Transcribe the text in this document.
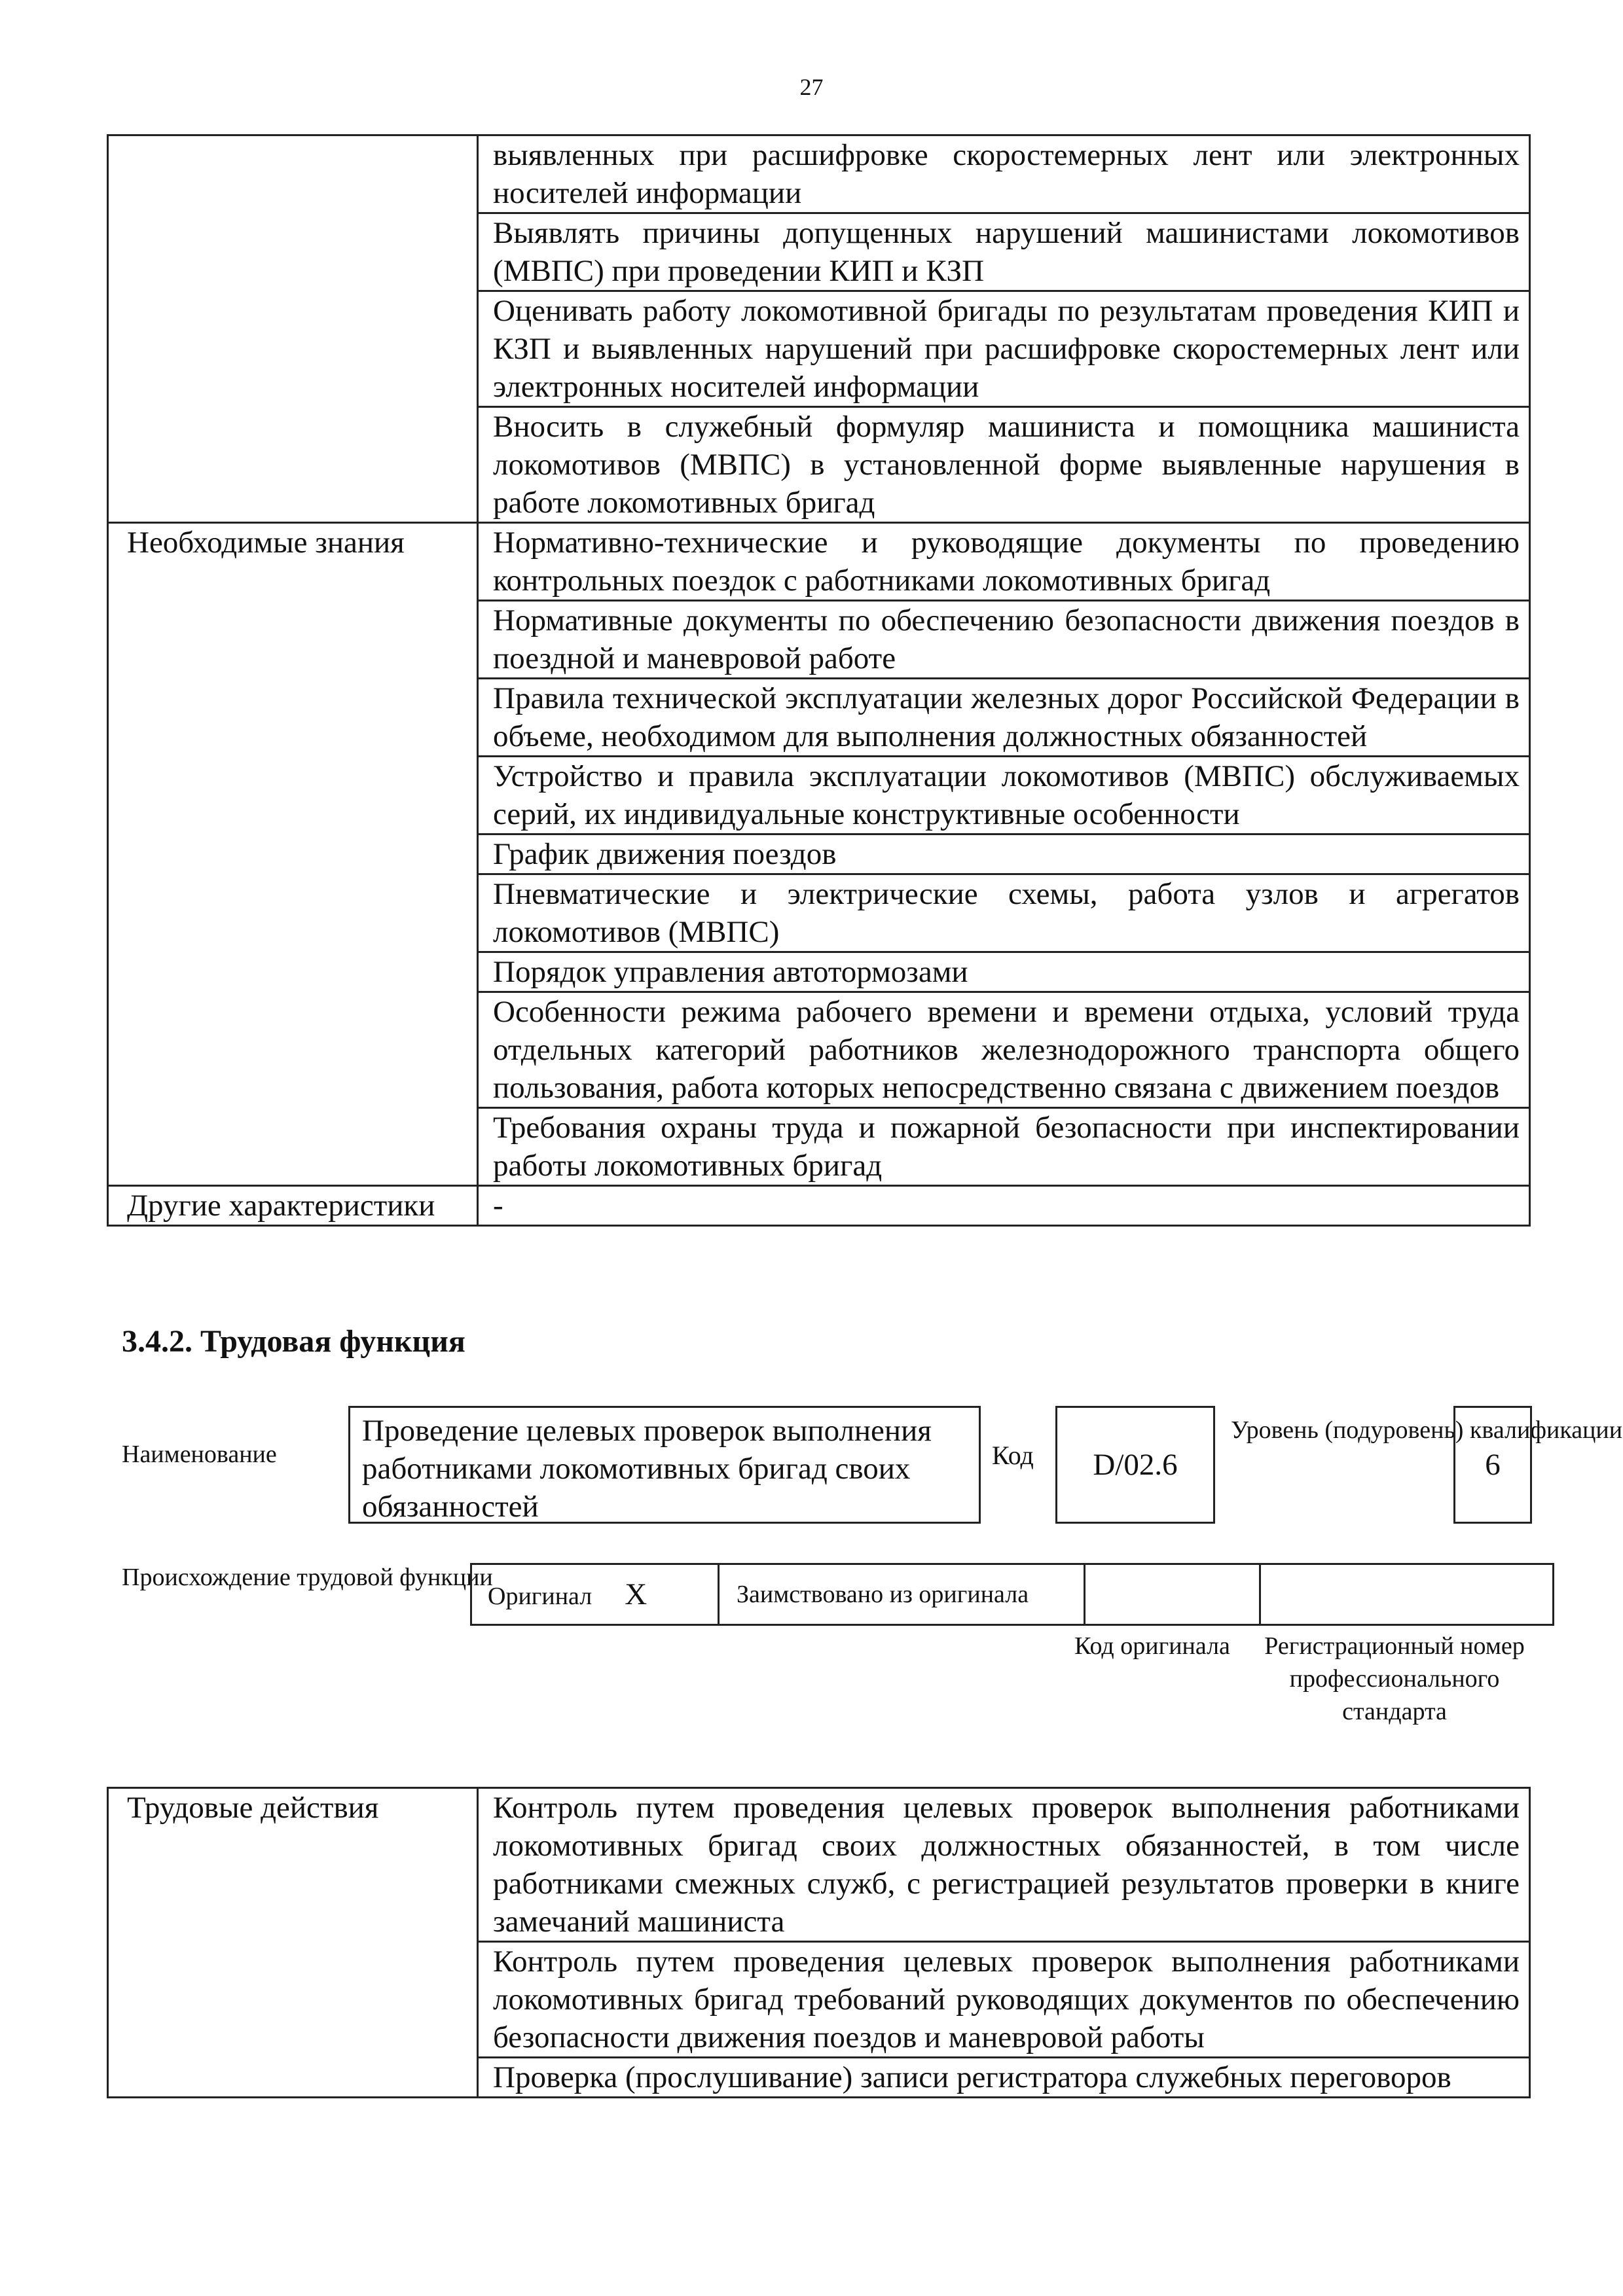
27
	выявленных при расшифровке скоростемерных лент или электронных носителей информации
	Выявлять причины допущенных нарушений машинистами локомотивов (МВПС) при проведении КИП и КЗП
	Оценивать работу локомотивной бригады по результатам проведения КИП и КЗП и выявленных нарушений при расшифровке скоростемерных лент или электронных носителей информации
	Вносить в служебный формуляр машиниста и помощника машиниста локомотивов (МВПС) в установленной форме выявленные нарушения в работе локомотивных бригад
Необходимые знания	Нормативно-технические и руководящие документы по проведению контрольных поездок с работниками локомотивных бригад
	Нормативные документы по обеспечению безопасности движения поездов в поездной и маневровой работе
	Правила технической эксплуатации железных дорог Российской Федерации в объеме, необходимом для выполнения должностных обязанностей
	Устройство и правила эксплуатации локомотивов (МВПС) обслуживаемых серий, их индивидуальные конструктивные особенности
	График движения поездов
	Пневматические и электрические схемы, работа узлов и агрегатов локомотивов (МВПС)
	Порядок управления автотормозами
	Особенности режима рабочего времени и времени отдыха, условий труда отдельных категорий работников железнодорожного транспорта общего пользования, работа которых непосредственно связана с движением поездов
	Требования охраны труда и пожарной безопасности при инспектировании работы локомотивных бригад
Другие характеристики	-
3.4.2. Трудовая функция
Наименование
Проведение целевых проверок выполнения работниками локомотивных бригад своих обязанностей
Код	D/02.6
Уровень (подуровень) квалификации
6
Происхождение трудовой функции
Оригинал X	Заимствовано из оригинала		
Код оригинала	Регистрационный номер профессионального стандарта
Трудовые действия	Контроль путем проведения целевых проверок выполнения работниками локомотивных бригад своих должностных обязанностей, в том числе работниками смежных служб, с регистрацией результатов проверки в книге замечаний машиниста
Контроль путем проведения целевых проверок выполнения работниками локомотивных бригад требований руководящих документов по обеспечению безопасности движения поездов и маневровой работы
Проверка (прослушивание) записи регистратора служебных переговоров
